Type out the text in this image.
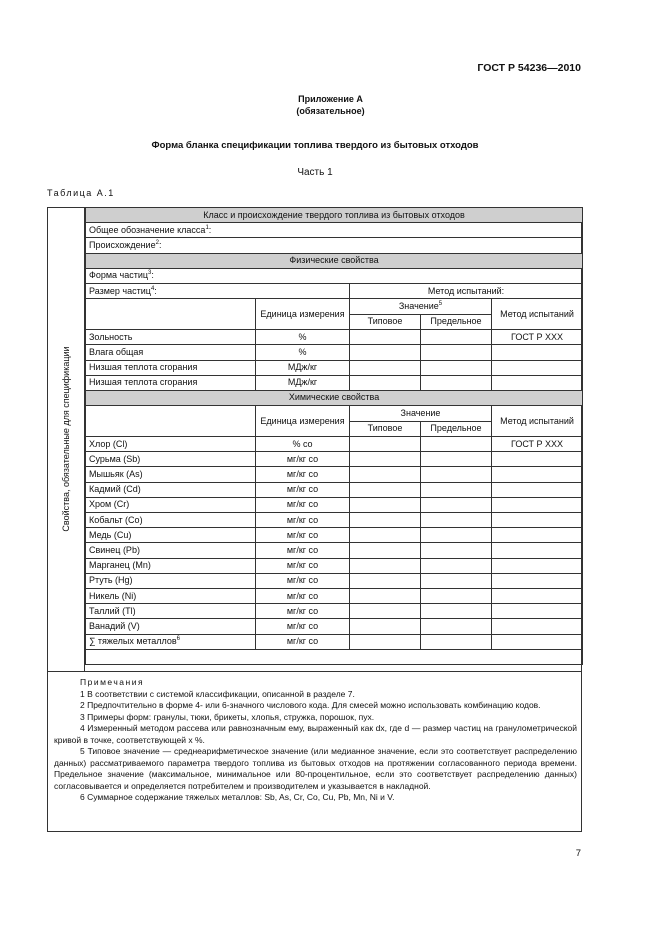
ГОСТ Р 54236—2010
Приложение А
(обязательное)
Форма бланка спецификации топлива твердого из бытовых отходов
Часть 1
Таблица А.1
Свойства, обязательные для спецификации
Класс и происхождение твердого топлива из бытовых отходов				
Общее обозначение класса$^1$:				
Происхождение$^2$:				
Физические свойства				
Форма частиц$^3$:				
Размер частиц$^4$:		Метод испытаний:		
	Единица измерения	Значение$^5$		Метод испытаний
		Типовое	Предельное	
Зольность	%			ГОСТ Р ХХХ
Влага общая	%			
Низшая теплота сгорания	МДж/кг			
Низшая теплота сгорания	МДж/кг			
Химические свойства				
	Единица измерения	Значение		Метод испытаний
		Типовое	Предельное	
Хлор (Cl)	% со			ГОСТ Р ХХХ
Сурьма (Sb)	мг/кг со			
Мышьяк (As)	мг/кг со			
Кадмий (Cd)	мг/кг со			
Хром (Cr)	мг/кг со			
Кобальт (Co)	мг/кг со			
Медь (Cu)	мг/кг со			
Свинец (Pb)	мг/кг со			
Марганец (Mn)	мг/кг со			
Ртуть (Hg)	мг/кг со			
Никель (Ni)	мг/кг со			
Таллий (Tl)	мг/кг со			
Ванадий (V)	мг/кг со			
∑ тяжелых металлов$^6$	мг/кг со			

Примечания

1 В соответствии с системой классификации, описанной в разделе 7.

2 Предпочтительно в форме 4- или 6-значного числового кода. Для смесей можно использовать комбинацию кодов.

3 Примеры форм: гранулы, тюки, брикеты, хлопья, стружка, порошок, пух.

4 Измеренный методом рассева или равнозначным ему, выраженный как dx, где d — размер частиц на гранулометрической кривой в точке, соответствующей x %.

5 Типовое значение — среднеарифметическое значение (или медианное значение, если это соответствует распределению данных) рассматриваемого параметра твердого топлива из бытовых отходов на протяжении согласованного периода времени. Предельное значение (максимальное, минимальное или 80-процентильное, если это соответствует распределению данных) согласовывается и определяется потребителем и производителем и указывается в накладной.

6 Суммарное содержание тяжелых металлов: Sb, As, Cr, Co, Cu, Pb, Mn, Ni и V.

7
